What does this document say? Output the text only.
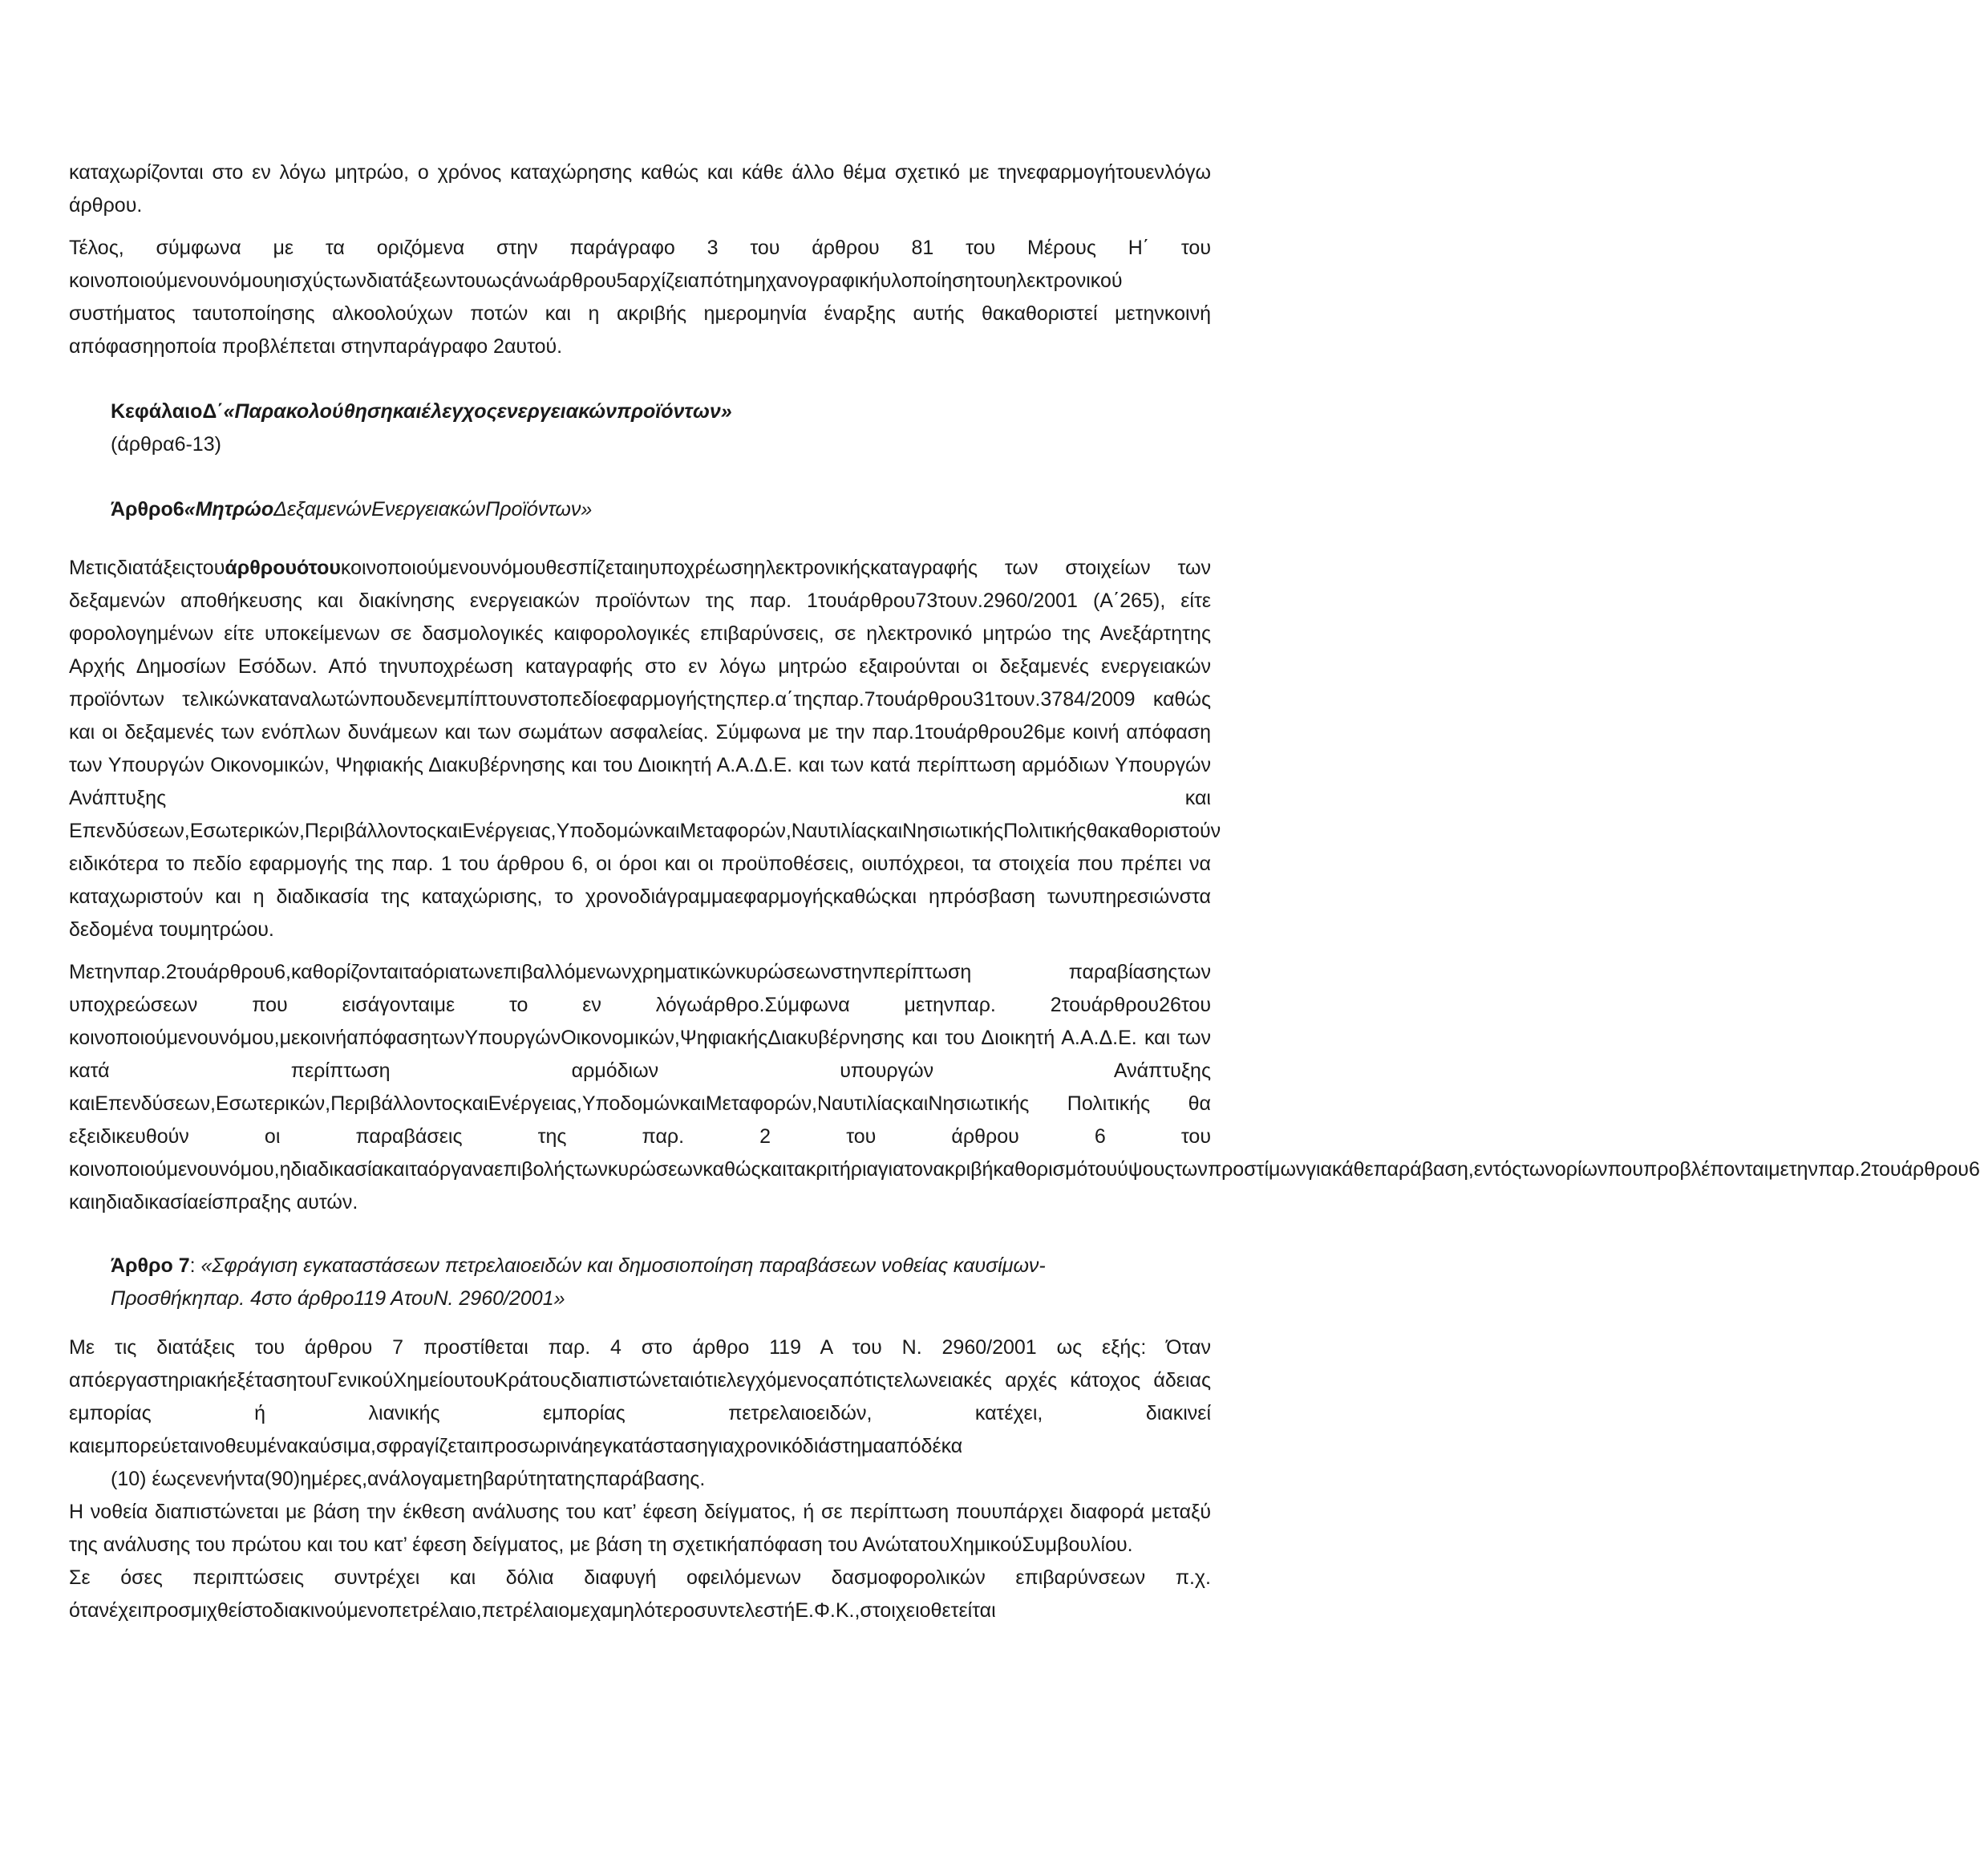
καταχωρίζονται στο εν λόγω μητρώο, ο χρόνος καταχώρησης καθώς και κάθε άλλο θέμα σχετικό με τηνεφαρμογήτουενλόγω άρθρου.

Τέλος, σύμφωνα με τα οριζόμενα στην παράγραφο 3 του άρθρου 81 του Μέρους Η΄ του κοινοποιούμενουνόμουηισχύςτωνδιατάξεωντουωςάνωάρθρου5αρχίζειαπότημηχανογραφικήυλοποίησητουηλεκτρονικού συστήματος ταυτοποίησης αλκοολούχων ποτών και η ακριβής ημερομηνία έναρξης αυτής θακαθοριστεί μετηνκοινή απόφασηηοποία προβλέπεται στηνπαράγραφο 2αυτού.

ΚεφάλαιοΔ΄«Παρακολούθησηκαιέλεγχοςενεργειακώνπροϊόντων»
(άρθρα6-13)
Άρθρο6«ΜητρώοΔεξαμενώνΕνεργειακώνΠροϊόντων»

Μετιςδιατάξειςτουάρθρουότουκοινοποιούμενουνόμουθεσπίζεταιηυποχρέωσηηλεκτρονικήςκαταγραφής των στοιχείων των δεξαμενών αποθήκευσης και διακίνησης ενεργειακών προϊόντων της παρ. 1τουάρθρου73τουν.2960/2001 (Α΄265), είτε φορολογημένων είτε υποκείμενων σε δασμολογικές καιφορολογικές επιβαρύνσεις, σε ηλεκτρονικό μητρώο της Ανεξάρτητης Αρχής Δημοσίων Εσόδων. Από τηνυποχρέωση καταγραφής στο εν λόγω μητρώο εξαιρούνται οι δεξαμενές ενεργειακών προϊόντων τελικώνκαταναλωτώνπουδενεμπίπτουνστοπεδίοεφαρμογήςτηςπερ.α΄τηςπαρ.7τουάρθρου31τουν.3784/2009 καθώς και οι δεξαμενές των ενόπλων δυνάμεων και των σωμάτων ασφαλείας. Σύμφωνα με την παρ.1τουάρθρου26με κοινή απόφαση των Υπουργών Οικονομικών, Ψηφιακής Διακυβέρνησης και του Διοικητή Α.Α.Δ.Ε. και των κατά περίπτωση αρμόδιων Υπουργών Ανάπτυξης και Επενδύσεων,Εσωτερικών,ΠεριβάλλοντοςκαιΕνέργειας,ΥποδομώνκαιΜεταφορών,ΝαυτιλίαςκαιΝησιωτικήςΠολιτικήςθακαθοριστούν ειδικότερα το πεδίο εφαρμογής της παρ. 1 του άρθρου 6, οι όροι και οι προϋποθέσεις, οιυπόχρεοι, τα στοιχεία που πρέπει να καταχωριστούν και η διαδικασία της καταχώρισης, το χρονοδιάγραμμαεφαρμογήςκαθώςκαι ηπρόσβαση τωνυπηρεσιώνστα δεδομένα τουμητρώου.

Μετηνπαρ.2τουάρθρου6,καθορίζονταιταόριατωνεπιβαλλόμενωνχρηματικώνκυρώσεωνστηνπερίπτωση παραβίασηςτων υποχρεώσεων που εισάγονταιμε το εν λόγωάρθρο.Σύμφωνα μετηνπαρ. 2τουάρθρου26του κοινοποιούμενουνόμου,μεκοινήαπόφασητωνΥπουργώνΟικονομικών,ΨηφιακήςΔιακυβέρνησης και του Διοικητή Α.Α.Δ.Ε. και των κατά περίπτωση αρμόδιων υπουργών Ανάπτυξης καιΕπενδύσεων,Εσωτερικών,ΠεριβάλλοντοςκαιΕνέργειας,ΥποδομώνκαιΜεταφορών,ΝαυτιλίαςκαιΝησιωτικής Πολιτικής θα εξειδικευθούν οι παραβάσεις της παρ. 2 του άρθρου 6 του κοινοποιούμενουνόμου,ηδιαδικασίακαιταόργαναεπιβολήςτωνκυρώσεωνκαθώςκαιτακριτήριαγιατονακριβήκαθορισμότουύψουςτωνπροστίμωνγιακάθεπαράβαση,εντόςτωνορίωνπουπροβλέπονταιμετηνπαρ.2τουάρθρου6 καιηδιαδικασίαείσπραξης αυτών.

Άρθρο 7: «Σφράγιση εγκαταστάσεων πετρελαιοειδών και δημοσιοποίηση παραβάσεων νοθείας καυσίμων-
Προσθήκηπαρ. 4στο άρθρο119 ΑτουΝ. 2960/2001»

Με τις διατάξεις του άρθρου 7 προστίθεται παρ. 4 στο άρθρο 119 Α του Ν. 2960/2001 ως εξής: Όταν απόεργαστηριακήεξέτασητουΓενικούΧημείουτουΚράτουςδιαπιστώνεταιότιελεγχόμενοςαπότιςτελωνειακές αρχές κάτοχος άδειας εμπορίας ή λιανικής εμπορίας πετρελαιοειδών, κατέχει, διακινεί καιεμπορεύεταινοθευμένακαύσιμα,σφραγίζεταιπροσωρινάηεγκατάστασηγιαχρονικόδιάστημααπόδέκα

(10) έωςενενήντα(90)ημέρες,ανάλογαμετηβαρύτητατηςπαράβασης.

Η νοθεία διαπιστώνεται με βάση την έκθεση ανάλυσης του κατ’ έφεση δείγματος, ή σε περίπτωση πουυπάρχει διαφορά μεταξύ της ανάλυσης του πρώτου και του κατ’ έφεση δείγματος, με βάση τη σχετικήαπόφαση του ΑνώτατουΧημικούΣυμβουλίου.

Σε όσες περιπτώσεις συντρέχει και δόλια διαφυγή οφειλόμενων δασμοφορολικών επιβαρύνσεων π.χ. ότανέχειπροσμιχθείστοδιακινούμενοπετρέλαιο,πετρέλαιομεχαμηλότεροσυντελεστήΕ.Φ.Κ.,στοιχειοθετείται
